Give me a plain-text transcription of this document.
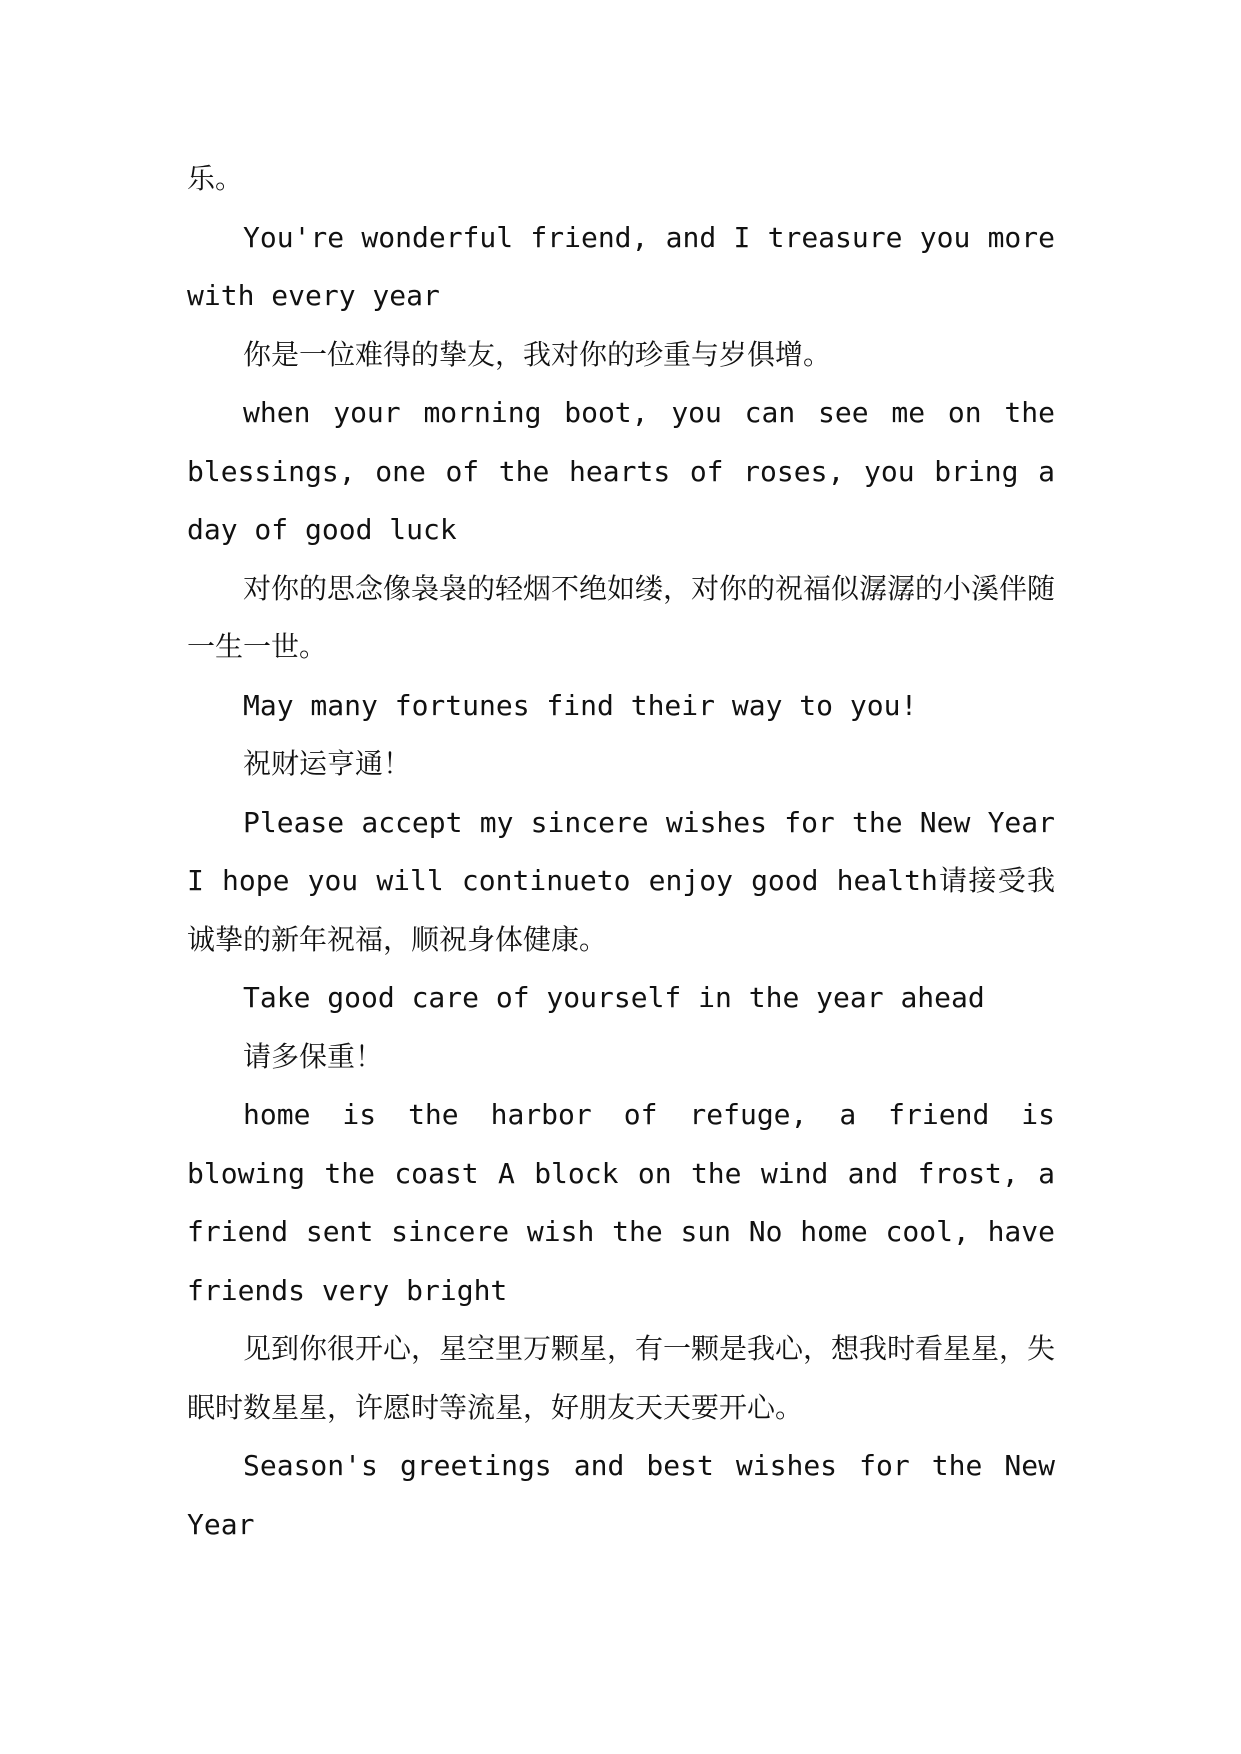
乐。

You're wonderful friend, and I treasure you more with every year

你是一位难得的挚友，我对你的珍重与岁俱增。

when your morning boot, you can see me on the blessings, one of the hearts of roses, you bring a day of good luck

对你的思念像袅袅的轻烟不绝如缕，对你的祝福似潺潺的小溪伴随一生一世。

May many fortunes find their way to you!

祝财运亨通！

Please accept my sincere wishes for the New Year I hope you will continueto enjoy good health请接受我诚挚的新年祝福，顺祝身体健康。

Take good care of yourself in the year ahead

请多保重！

home is the harbor of refuge, a friend is blowing the coast A block on the wind and frost, a friend sent sincere wish the sun No home cool, have friends very bright

见到你很开心，星空里万颗星，有一颗是我心，想我时看星星，失眠时数星星，许愿时等流星，好朋友天天要开心。

Season's greetings and best wishes for the New Year
